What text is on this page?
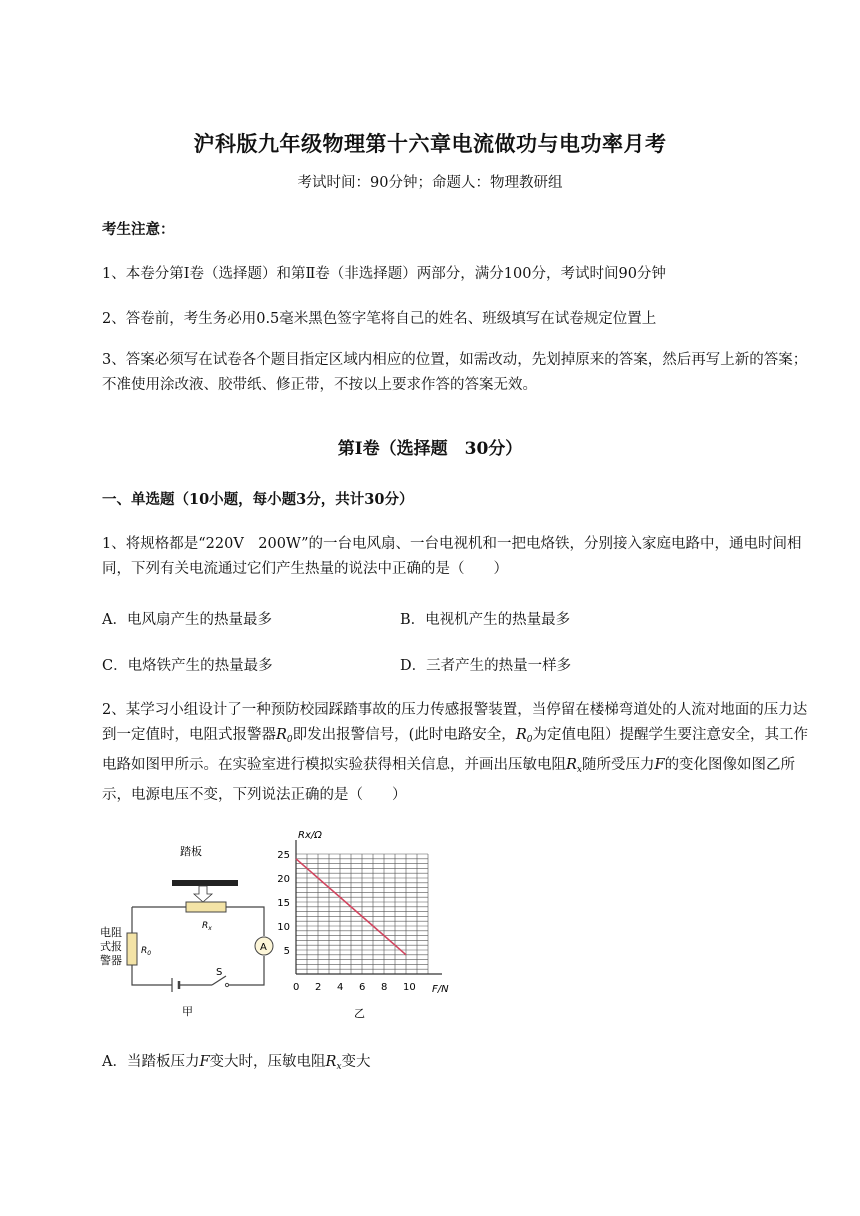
沪科版九年级物理第十六章电流做功与电功率月考
考试时间：90分钟；命题人：物理教研组
考生注意：
1、本卷分第Ⅰ卷（选择题）和第Ⅱ卷（非选择题）两部分，满分100分，考试时间90分钟
2、答卷前，考生务必用0.5毫米黑色签字笔将自己的姓名、班级填写在试卷规定位置上
3、答案必须写在试卷各个题目指定区域内相应的位置，如需改动，先划掉原来的答案，然后再写上新的答案；不准使用涂改液、胶带纸、修正带，不按以上要求作答的答案无效。
第Ⅰ卷（选择题　30分）
一、单选题（10小题，每小题3分，共计30分）
1、将规格都是“220V　200W”的一台电风扇、一台电视机和一把电烙铁，分别接入家庭电路中，通电时间相同，下列有关电流通过它们产生热量的说法中正确的是（　　）
A．电风扇产生的热量最多	B．电视机产生的热量最多
C．电烙铁产生的热量最多	D．三者产生的热量一样多
2、某学习小组设计了一种预防校园踩踏事故的压力传感报警装置，当停留在楼梯弯道处的人流对地面的压力达到一定值时，电阻式报警器$R_0$即发出报警信号，(此时电路安全，$R_0$为定值电阻）提醒学生要注意安全，其工作电路如图甲所示。在实验室进行模拟实验获得相关信息，并画出压敏电阻$R_x$随所受压力F的变化图像如图乙所示，电源电压不变，下列说法正确的是（　　）
踏板
$R_x$
$R_0$
电阻
式报
警器
A
S
甲
0 2 4 6 8 10
5
10
15
20
25
Rx/Ω
F/N
乙
A．当踏板压力F变大时，压敏电阻$R_x$变大
